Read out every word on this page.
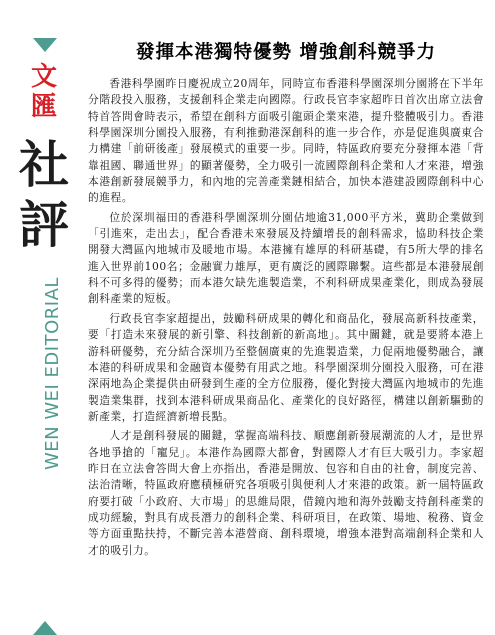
文
匯
社
評
WEN WEI EDITORIAL
發揮本港獨特優勢 增強創科競爭力

香港科學園昨日慶祝成立20周年，同時宣布香港科學園深圳分園將在下半年分階段投入服務，支援創科企業走向國際。行政長官李家超昨日首次出席立法會特首答問會時表示，希望在創科方面吸引龍頭企業來港，提升整體吸引力。香港科學園深圳分園投入服務，有利推動港深創科的進一步合作，亦是促進與廣東合力構建「前研後產」發展模式的重要一步。同時，特區政府要充分發揮本港「背靠祖國、聯通世界」的顯著優勢，全力吸引一流國際創科企業和人才來港，增強本港創新發展競爭力，和內地的完善產業鏈相結合，加快本港建設國際創科中心的進程。

位於深圳福田的香港科學園深圳分園佔地逾31,000平方米，冀助企業做到「引進來，走出去」，配合香港未來發展及持續增長的創科需求，協助科技企業開發大灣區內地城市及暖地市場。本港擁有雄厚的科研基礎，有5所大學的排名進入世界前100名；金融實力雄厚，更有廣泛的國際聯繫。這些都是本港發展創科不可多得的優勢；而本港欠缺先進製造業，不利科研成果產業化，則成為發展創科產業的短板。

行政長官李家超提出，鼓勵科研成果的轉化和商品化，發展高新科技產業，要「打造未來發展的新引擎、科技創新的新高地」。其中關鍵，就是要將本港上游科研優勢，充分結合深圳乃至整個廣東的先進製造業，力促兩地優勢融合，讓本港的科研成果和金融資本優勢有用武之地。科學園深圳分園投入服務，可在港深兩地為企業提供由研發到生產的全方位服務，優化對接大灣區內地城市的先進製造業集群，找到本港科研成果商品化、產業化的良好路徑，構建以創新驅動的新產業，打造經濟新增長點。

人才是創科發展的關鍵，掌握高端科技、順應創新發展潮流的人才，是世界各地爭搶的「寵兒」。本港作為國際大都會，對國際人才有巨大吸引力。李家超昨日在立法會答問大會上亦指出，香港是開放、包容和自由的社會，制度完善、法治清晰，特區政府應積極研究各項吸引與便利人才來港的政策。新一屆特區政府要打破「小政府、大市場」的思維局限，借鏡內地和海外鼓勵支持創科產業的成功經驗，對具有成長潛力的創科企業、科研項目，在政策、場地、稅務、資金等方面重點扶持，不斷完善本港營商、創科環境，增強本港對高端創科企業和人才的吸引力。
